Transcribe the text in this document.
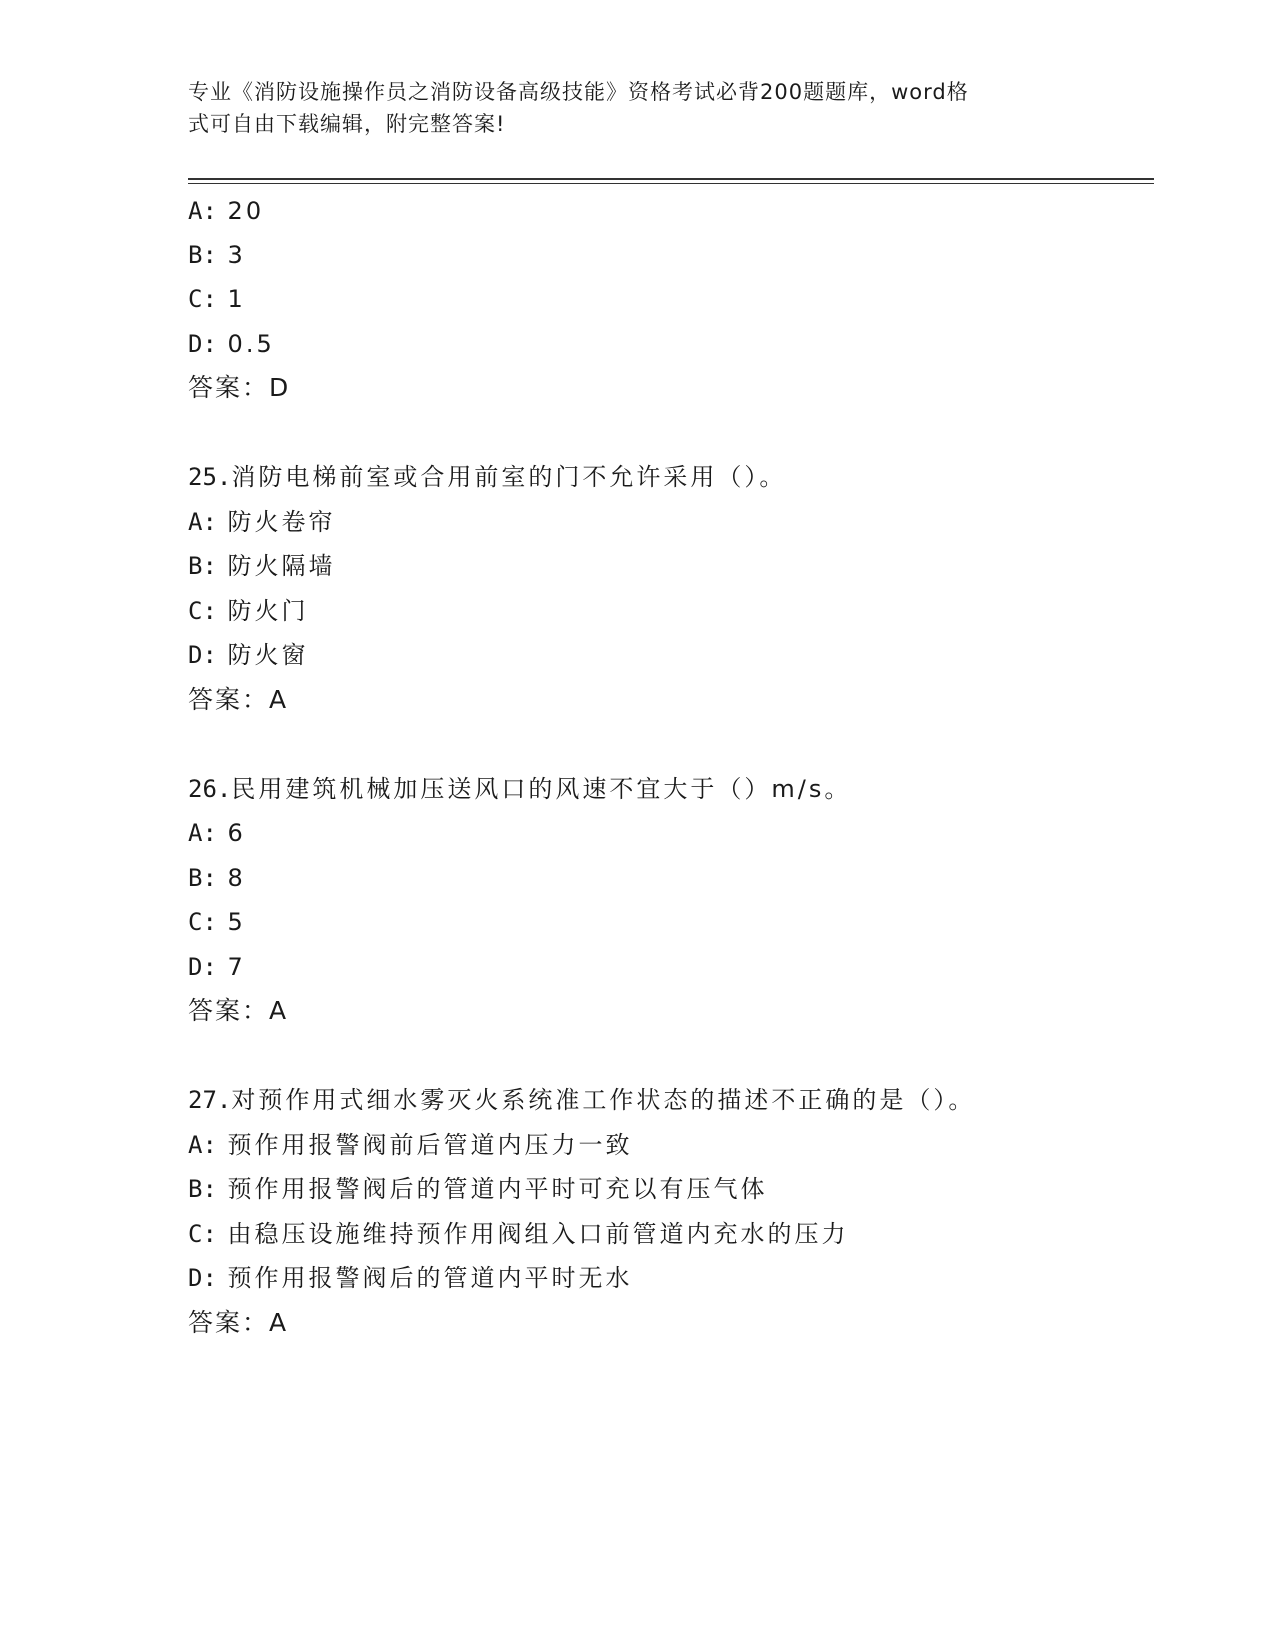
专业《消防设施操作员之消防设备高级技能》资格考试必背200题题库，word格
式可自由下载编辑，附完整答案!
A: 20
B: 3
C: 1
D: 0.5
答案：D
25.消防电梯前室或合用前室的门不允许采用（）。
A: 防火卷帘
B: 防火隔墙
C: 防火门
D: 防火窗
答案：A
26.民用建筑机械加压送风口的风速不宜大于（）m/s。
A: 6
B: 8
C: 5
D: 7
答案：A
27.对预作用式细水雾灭火系统准工作状态的描述不正确的是（）。
A: 预作用报警阀前后管道内压力一致
B: 预作用报警阀后的管道内平时可充以有压气体
C: 由稳压设施维持预作用阀组入口前管道内充水的压力
D: 预作用报警阀后的管道内平时无水
答案：A
